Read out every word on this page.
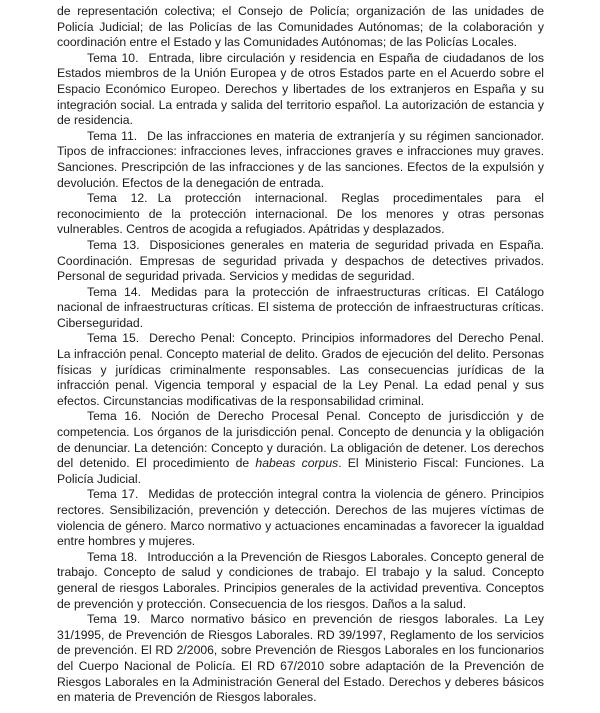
de representación colectiva; el Consejo de Policía; organización de las unidades de Policía Judicial; de las Policías de las Comunidades Autónomas; de la colaboración y coordinación entre el Estado y las Comunidades Autónomas; de las Policías Locales.

Tema 10. Entrada, libre circulación y residencia en España de ciudadanos de los Estados miembros de la Unión Europea y de otros Estados parte en el Acuerdo sobre el Espacio Económico Europeo. Derechos y libertades de los extranjeros en España y su integración social. La entrada y salida del territorio español. La autorización de estancia y de residencia.

Tema 11. De las infracciones en materia de extranjería y su régimen sancionador. Tipos de infracciones: infracciones leves, infracciones graves e infracciones muy graves. Sanciones. Prescripción de las infracciones y de las sanciones. Efectos de la expulsión y devolución. Efectos de la denegación de entrada.

Tema 12. La protección internacional. Reglas procedimentales para el reconocimiento de la protección internacional. De los menores y otras personas vulnerables. Centros de acogida a refugiados. Apátridas y desplazados.

Tema 13. Disposiciones generales en materia de seguridad privada en España. Coordinación. Empresas de seguridad privada y despachos de detectives privados. Personal de seguridad privada. Servicios y medidas de seguridad.

Tema 14. Medidas para la protección de infraestructuras críticas. El Catálogo nacional de infraestructuras críticas. El sistema de protección de infraestructuras críticas. Ciberseguridad.

Tema 15. Derecho Penal: Concepto. Principios informadores del Derecho Penal. La infracción penal. Concepto material de delito. Grados de ejecución del delito. Personas físicas y jurídicas criminalmente responsables. Las consecuencias jurídicas de la infracción penal. Vigencia temporal y espacial de la Ley Penal. La edad penal y sus efectos. Circunstancias modificativas de la responsabilidad criminal.

Tema 16. Noción de Derecho Procesal Penal. Concepto de jurisdicción y de competencia. Los órganos de la jurisdicción penal. Concepto de denuncia y la obligación de denunciar. La detención: Concepto y duración. La obligación de detener. Los derechos del detenido. El procedimiento de habeas corpus. El Ministerio Fiscal: Funciones. La Policía Judicial.

Tema 17. Medidas de protección integral contra la violencia de género. Principios rectores. Sensibilización, prevención y detección. Derechos de las mujeres víctimas de violencia de género. Marco normativo y actuaciones encaminadas a favorecer la igualdad entre hombres y mujeres.

Tema 18. Introducción a la Prevención de Riesgos Laborales. Concepto general de trabajo. Concepto de salud y condiciones de trabajo. El trabajo y la salud. Concepto general de riesgos Laborales. Principios generales de la actividad preventiva. Conceptos de prevención y protección. Consecuencia de los riesgos. Daños a la salud.

Tema 19. Marco normativo básico en prevención de riesgos laborales. La Ley 31/1995, de Prevención de Riesgos Laborales. RD 39/1997, Reglamento de los servicios de prevención. El RD 2/2006, sobre Prevención de Riesgos Laborales en los funcionarios del Cuerpo Nacional de Policía. El RD 67/2010 sobre adaptación de la Prevención de Riesgos Laborales en la Administración General del Estado. Derechos y deberes básicos en materia de Prevención de Riesgos laborales.
